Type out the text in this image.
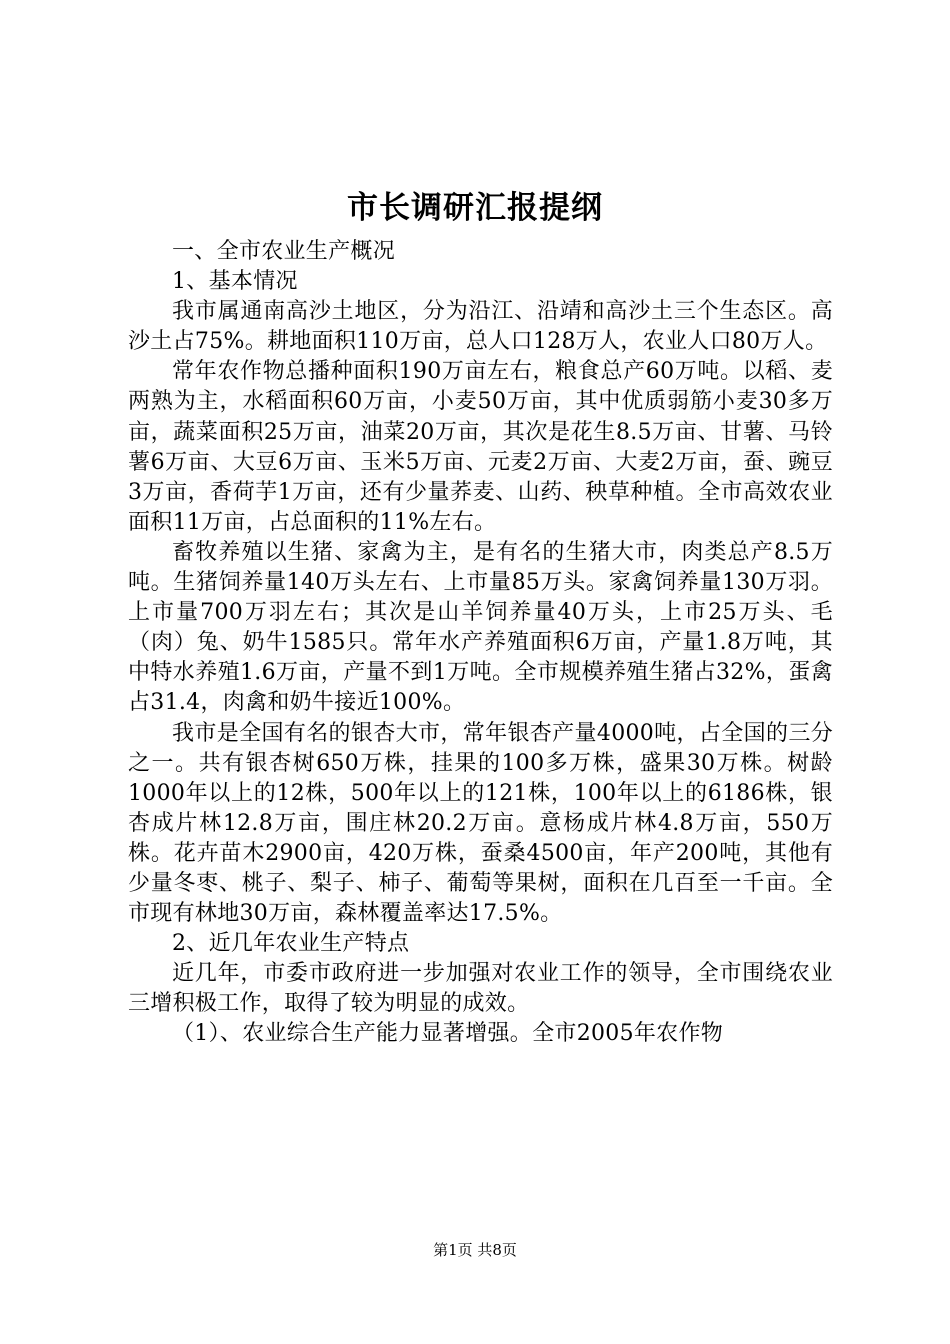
市长调研汇报提纲

一、全市农业生产概况

1、基本情况

我市属通南高沙土地区，分为沿江、沿靖和高沙土三个生态区。高沙土占75%。耕地面积110万亩，总人口128万人，农业人口80万人。

常年农作物总播种面积190万亩左右，粮食总产60万吨。以稻、麦两熟为主，水稻面积60万亩，小麦50万亩，其中优质弱筋小麦30多万亩，蔬菜面积25万亩，油菜20万亩，其次是花生8.5万亩、甘薯、马铃薯6万亩、大豆6万亩、玉米5万亩、元麦2万亩、大麦2万亩，蚕、豌豆3万亩，香荷芋1万亩，还有少量荞麦、山药、秧草种植。全市高效农业面积11万亩，占总面积的11%左右。

畜牧养殖以生猪、家禽为主，是有名的生猪大市，肉类总产8.5万吨。生猪饲养量140万头左右、上市量85万头。家禽饲养量130万羽。上市量700万羽左右；其次是山羊饲养量40万头，上市25万头、毛（肉）兔、奶牛1585只。常年水产养殖面积6万亩，产量1.8万吨，其中特水养殖1.6万亩，产量不到1万吨。全市规模养殖生猪占32%，蛋禽占31.4，肉禽和奶牛接近100%。

我市是全国有名的银杏大市，常年银杏产量4000吨，占全国的三分之一。共有银杏树650万株，挂果的100多万株，盛果30万株。树龄1000年以上的12株，500年以上的121株，100年以上的6186株，银杏成片林12.8万亩，围庄林20.2万亩。意杨成片林4.8万亩，550万株。花卉苗木2900亩，420万株，蚕桑4500亩，年产200吨，其他有少量冬枣、桃子、梨子、柿子、葡萄等果树，面积在几百至一千亩。全市现有林地30万亩，森林覆盖率达17.5%。

2、近几年农业生产特点

近几年，市委市政府进一步加强对农业工作的领导，全市围绕农业三增积极工作，取得了较为明显的成效。

（1）、农业综合生产能力显著增强。全市2005年农作物

第1页 共8页
